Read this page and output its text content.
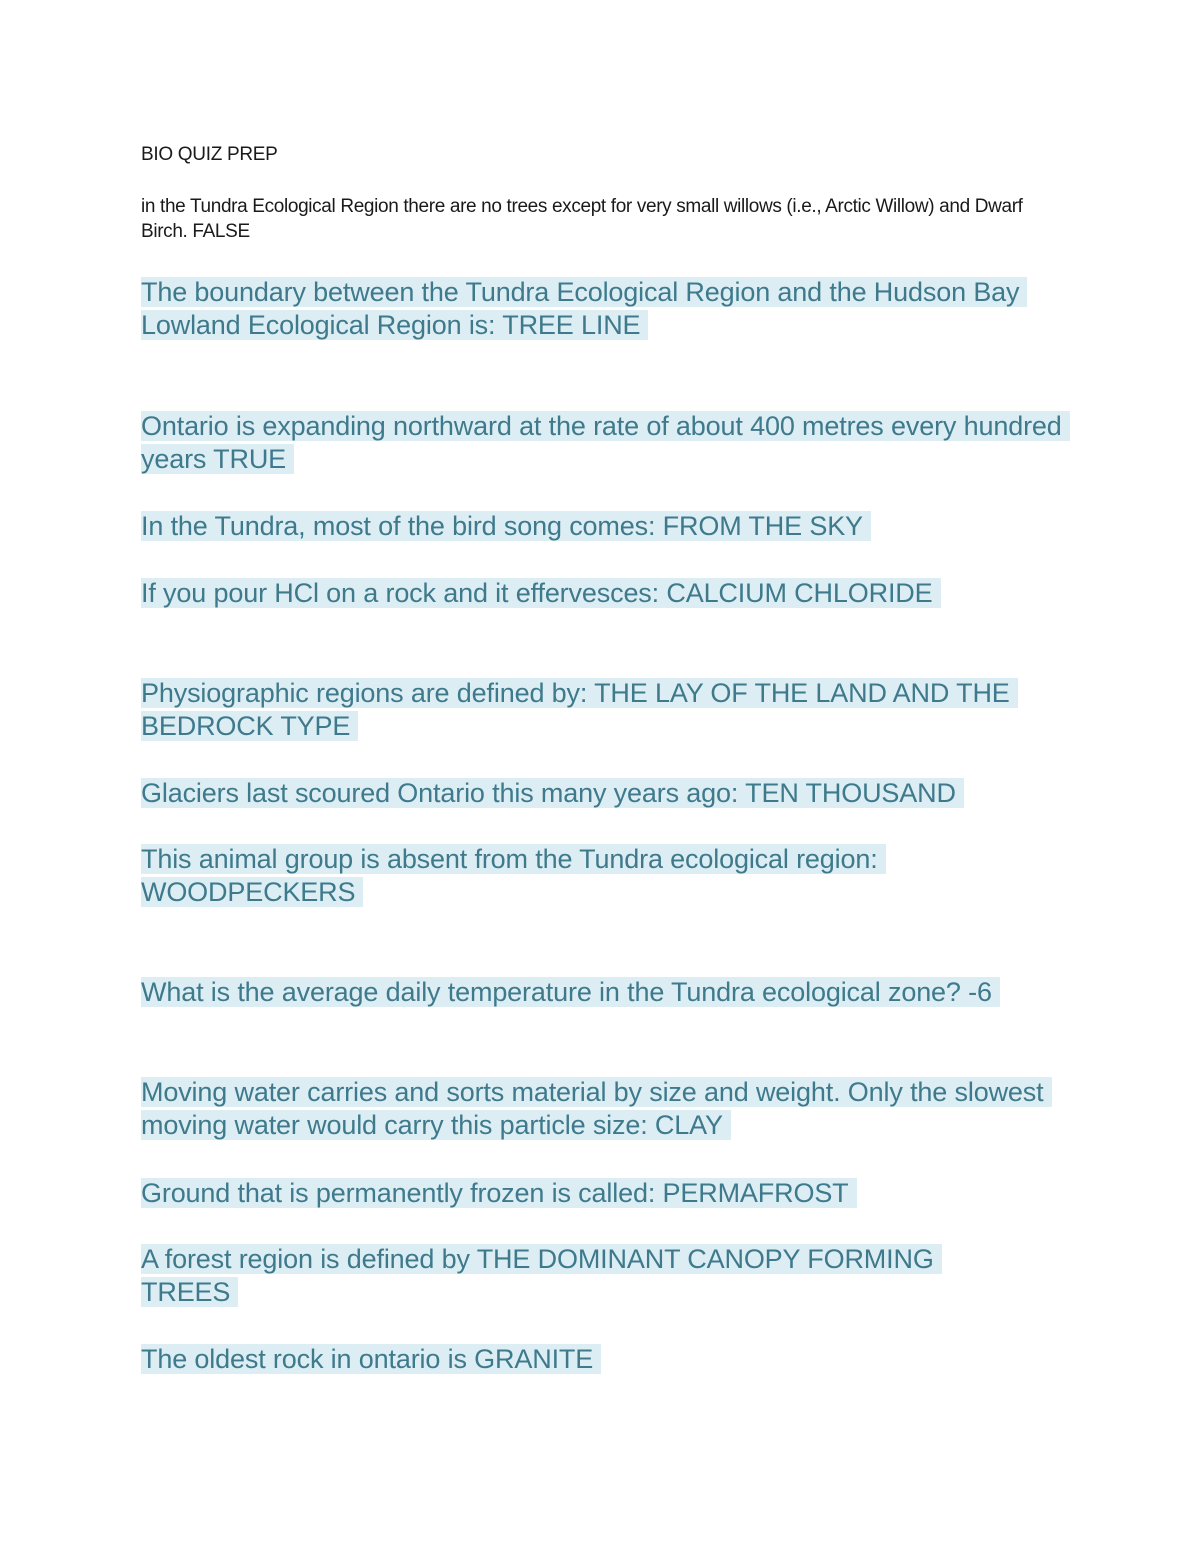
BIO QUIZ PREP
in the Tundra Ecological Region there are no trees except for very small willows (i.e., Arctic Willow) and Dwarf Birch. FALSE
The boundary between the Tundra Ecological Region and the Hudson Bay Lowland Ecological Region is: TREE LINE
Ontario is expanding northward at the rate of about 400 metres every hundred years TRUE
In the Tundra, most of the bird song comes: FROM THE SKY
If you pour HCl on a rock and it effervesces: CALCIUM CHLORIDE
Physiographic regions are defined by: THE LAY OF THE LAND AND THE BEDROCK TYPE
Glaciers last scoured Ontario this many years ago: TEN THOUSAND
This animal group is absent from the Tundra ecological region: WOODPECKERS
What is the average daily temperature in the Tundra ecological zone? -6
Moving water carries and sorts material by size and weight. Only the slowest moving water would carry this particle size: CLAY
Ground that is permanently frozen is called: PERMAFROST
A forest region is defined by THE DOMINANT CANOPY FORMING TREES
The oldest rock in ontario is GRANITE
